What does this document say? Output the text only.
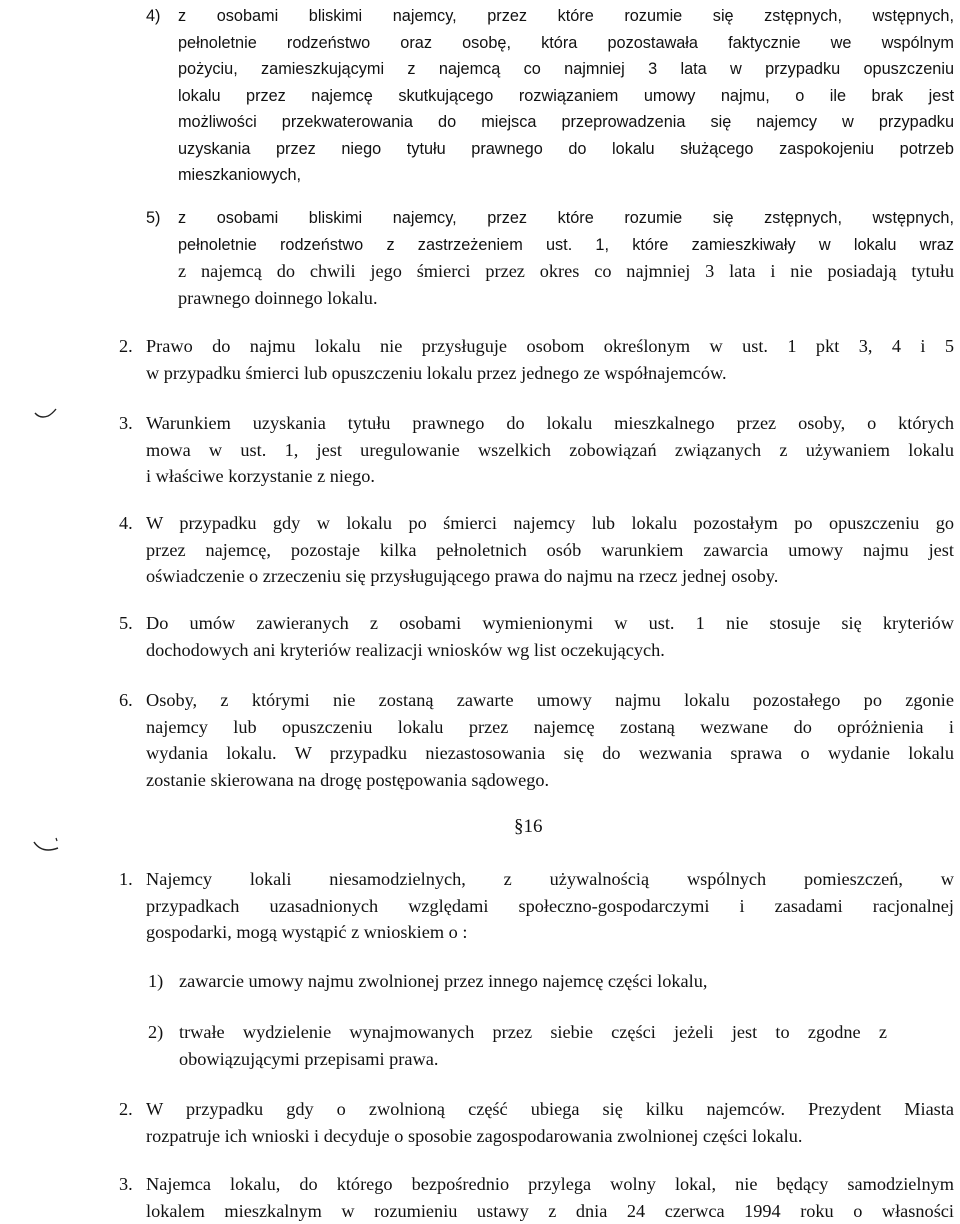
4) z osobami bliskimi najemcy, przez które rozumie się zstępnych, wstępnych,
pełnoletnie rodzeństwo oraz osobę, która pozostawała faktycznie we wspólnym
pożyciu, zamieszkującymi z najemcą co najmniej 3 lata w przypadku opuszczeniu
lokalu przez najemcę skutkującego rozwiązaniem umowy najmu, o ile brak jest
możliwości przekwaterowania do miejsca przeprowadzenia się najemcy w przypadku
uzyskania przez niego tytułu prawnego do lokalu służącego zaspokojeniu potrzeb
mieszkaniowych,
5) z osobami bliskimi najemcy, przez które rozumie się zstępnych, wstępnych,
pełnoletnie rodzeństwo z zastrzeżeniem ust. 1, które zamieszkiwały w lokalu wraz
z najemcą do chwili jego śmierci przez okres co najmniej 3 lata i nie posiadają tytułu
prawnego doinnego lokalu.
2. Prawo do najmu lokalu nie przysługuje osobom określonym w ust. 1 pkt 3, 4 i 5
w przypadku śmierci lub opuszczeniu lokalu przez jednego ze współnajemców.
3. Warunkiem uzyskania tytułu prawnego do lokalu mieszkalnego przez osoby, o których
mowa w ust. 1, jest uregulowanie wszelkich zobowiązań związanych z używaniem lokalu
i właściwe korzystanie z niego.
4. W przypadku gdy w lokalu po śmierci najemcy lub lokalu pozostałym po opuszczeniu go
przez najemcę, pozostaje kilka pełnoletnich osób warunkiem zawarcia umowy najmu jest
oświadczenie o zrzeczeniu się przysługującego prawa do najmu na rzecz jednej osoby.
5. Do umów zawieranych z osobami wymienionymi w ust. 1 nie stosuje się kryteriów
dochodowych ani kryteriów realizacji wniosków wg list oczekujących.
6. Osoby, z którymi nie zostaną zawarte umowy najmu lokalu pozostałego po zgonie
najemcy lub opuszczeniu lokalu przez najemcę zostaną wezwane do opróżnienia i
wydania lokalu. W przypadku niezastosowania się do wezwania sprawa o wydanie lokalu
zostanie skierowana na drogę postępowania sądowego.
§16
1. Najemcy lokali niesamodzielnych, z używalnością wspólnych pomieszczeń, w
przypadkach uzasadnionych względami społeczno-gospodarczymi i zasadami racjonalnej
gospodarki, mogą wystąpić z wnioskiem o :
1) zawarcie umowy najmu zwolnionej przez innego najemcę części lokalu,
2) trwałe wydzielenie wynajmowanych przez siebie części jeżeli jest to zgodne z
obowiązującymi przepisami prawa.
2. W przypadku gdy o zwolnioną część ubiega się kilku najemców. Prezydent Miasta
rozpatruje ich wnioski i decyduje o sposobie zagospodarowania zwolnionej części lokalu.
3. Najemca lokalu, do którego bezpośrednio przylega wolny lokal, nie będący samodzielnym
lokalem mieszkalnym w rozumieniu ustawy z dnia 24 czerwca 1994 roku o własności
